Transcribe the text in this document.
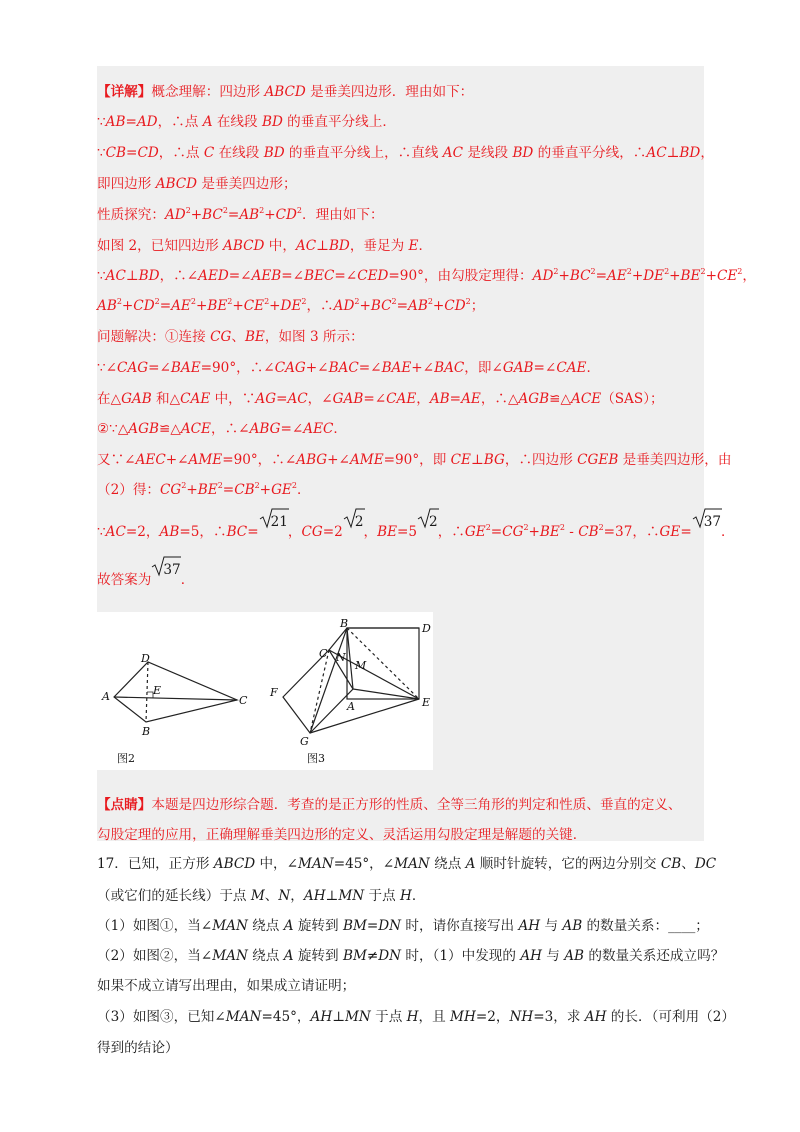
【详解】概念理解：四边形 ABCD 是垂美四边形．理由如下：
∵AB=AD，∴点 A 在线段 BD 的垂直平分线上．
∵CB=CD，∴点 C 在线段 BD 的垂直平分线上，∴直线 AC 是线段 BD 的垂直平分线，∴AC⊥BD，
即四边形 ABCD 是垂美四边形；
性质探究：$AD^2+BC^2=AB^2+CD^2$．理由如下：
如图 2，已知四边形 ABCD 中，AC⊥BD，垂足为 E．
∵AC⊥BD，∴∠AED=∠AEB=∠BEC=∠CED=90°，由勾股定理得：$AD^2+BC^2=AE^2+DE^2+BE^2+CE^2$，
$AB^2+CD^2=AE^2+BE^2+CE^2+DE^2$，$\therefore AD^2+BC^2=AB^2+CD^2$；
问题解决：①连接 CG、BE，如图 3 所示：
∵∠CAG=∠BAE=90°，∴∠CAG+∠BAC=∠BAE+∠BAC，即∠GAB=∠CAE．
在△GAB 和△CAE 中，∵AG=AC，∠GAB=∠CAE，AB=AE，∴△AGB≌△ACE（SAS）；
②∵△AGB≌△ACE，∴∠ABG=∠AEC．
又∵∠AEC+∠AME=90°，∴∠ABG+∠AME=90°，即 CE⊥BG，∴四边形 CGEB 是垂美四边形，由
（2）得：$CG^2+BE^2=CB^2+GE^2$．
∵AC=2，AB=5，∴BC=
21，CG=2
2，BE=5
2，$\therefore GE^2=CG^2+BE^2 - CB^2=37$，∴GE=
37．
故答案为
37．
D
A	E
C
B
图2
B	D
C N
M
F
A	E
G
图3
【点睛】本题是四边形综合题．考查的是正方形的性质、全等三角形的判定和性质、垂直的定义、
勾股定理的应用，正确理解垂美四边形的定义、灵活运用勾股定理是解题的关键．
17．已知，正方形 ABCD 中，∠MAN=45°，∠MAN 绕点 A 顺时针旋转，它的两边分别交 CB、DC
（或它们的延长线）于点 M、N，AH⊥MN 于点 H．
（1）如图①，当∠MAN 绕点 A 旋转到 BM=DN 时，请你直接写出 AH 与 AB 的数量关系：____；
（2）如图②，当∠MAN 绕点 A 旋转到 BM≠DN 时，（1）中发现的 AH 与 AB 的数量关系还成立吗？
如果不成立请写出理由，如果成立请证明；
（3）如图③，已知∠MAN=45°，AH⊥MN 于点 H，且 MH=2，NH=3，求 AH 的长．（可利用（2）
得到的结论）
